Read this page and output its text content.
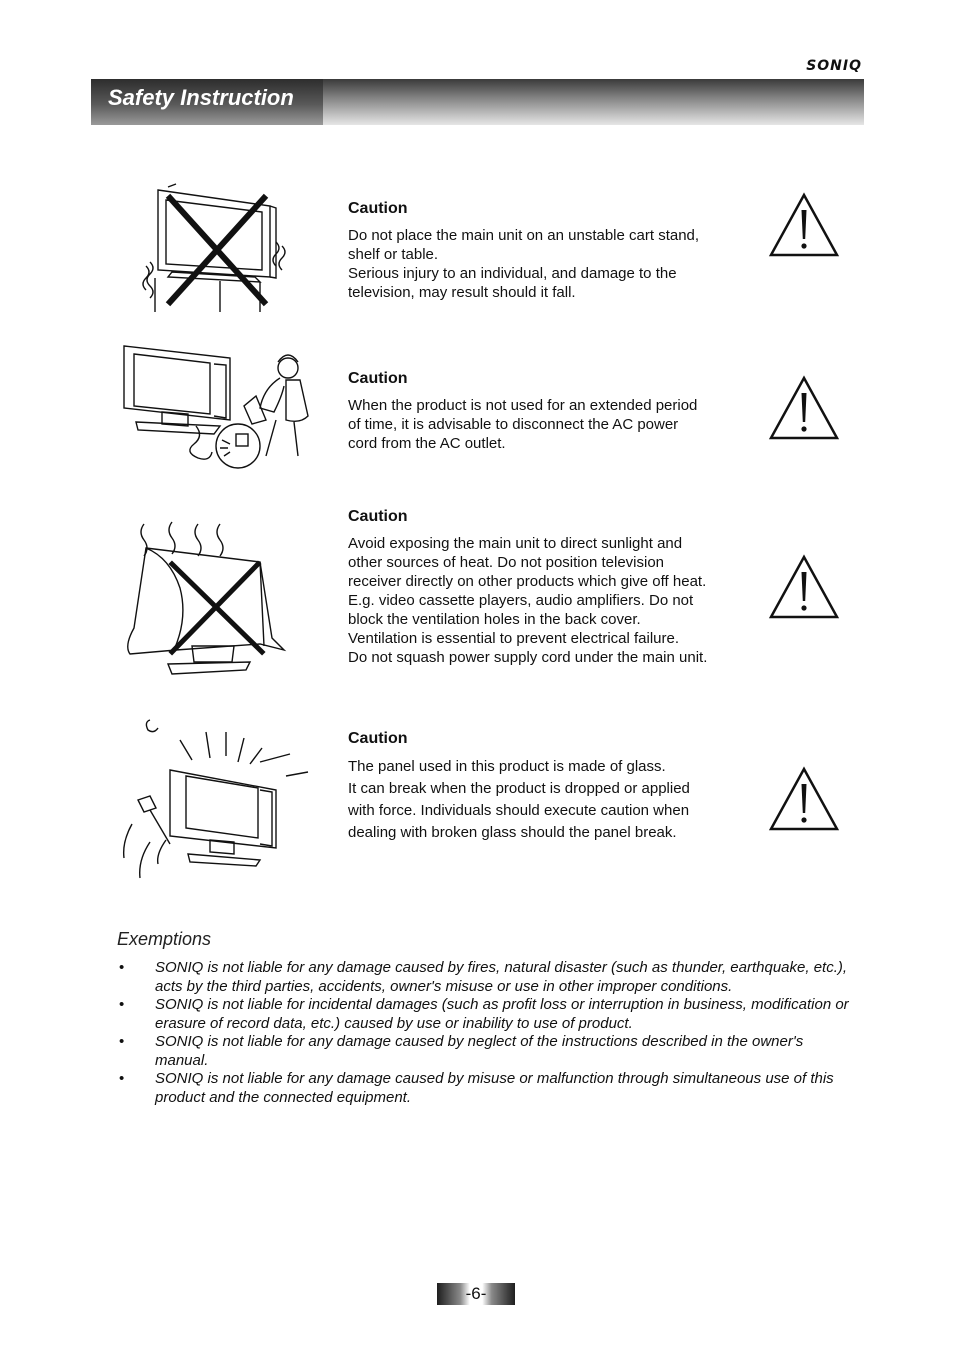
SONIQ
Safety Instruction
Caution

Do not place the main unit on an unstable cart stand,

shelf or table.

Serious injury to an individual, and damage to the

television, may result should it fall.

Caution

When the product is not used for an extended period

of time, it is advisable to disconnect the AC power

cord from the AC outlet.

Caution

Avoid exposing the main unit to direct sunlight and

other sources of heat. Do not position television

receiver directly on other products which give off heat.

E.g. video cassette players, audio amplifiers. Do not

block the ventilation holes in the back cover.

Ventilation is essential to prevent electrical failure.

Do not squash power supply cord under the main unit.

Caution

The panel used in this product is made of glass.

It can break when the product is dropped or applied

with force. Individuals should execute caution when

dealing with broken glass should the panel break.

Exemptions
• SONIQ is not liable for any damage caused by fires, natural disaster (such as thunder, earthquake, etc.), acts by the third parties, accidents, owner's misuse or use in other improper conditions.
• SONIQ is not liable for incidental damages (such as profit loss or interruption in business, modification or erasure of record data, etc.) caused by use or inability to use of product.
• SONIQ is not liable for any damage caused by neglect of the instructions described in the owner's manual.
• SONIQ is not liable for any damage caused by misuse or malfunction through simultaneous use of this product and the connected equipment.
-6-
